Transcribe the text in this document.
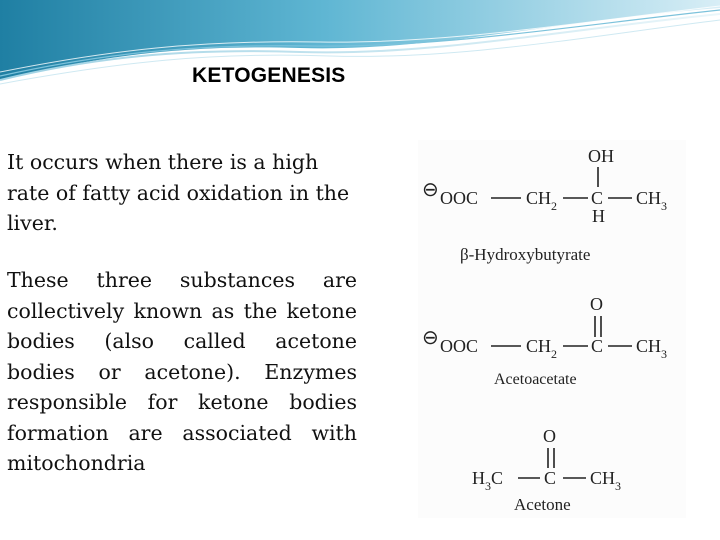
KETOGENESIS
It occurs when there is a high rate of fatty acid oxidation in the liver.
These three substances are collectively known as the ketone bodies (also called acetone bodies or acetone). Enzymes responsible for ketone bodies formation are associated with mitochondria
OH
⊖ OOC	$CH_2$ C $CH_3$
H
β-Hydroxybutyrate
O
⊖ OOC	$CH_2$ C $CH_3$
Acetoacetate
O
$H_3C$ C $CH_3$
Acetone
